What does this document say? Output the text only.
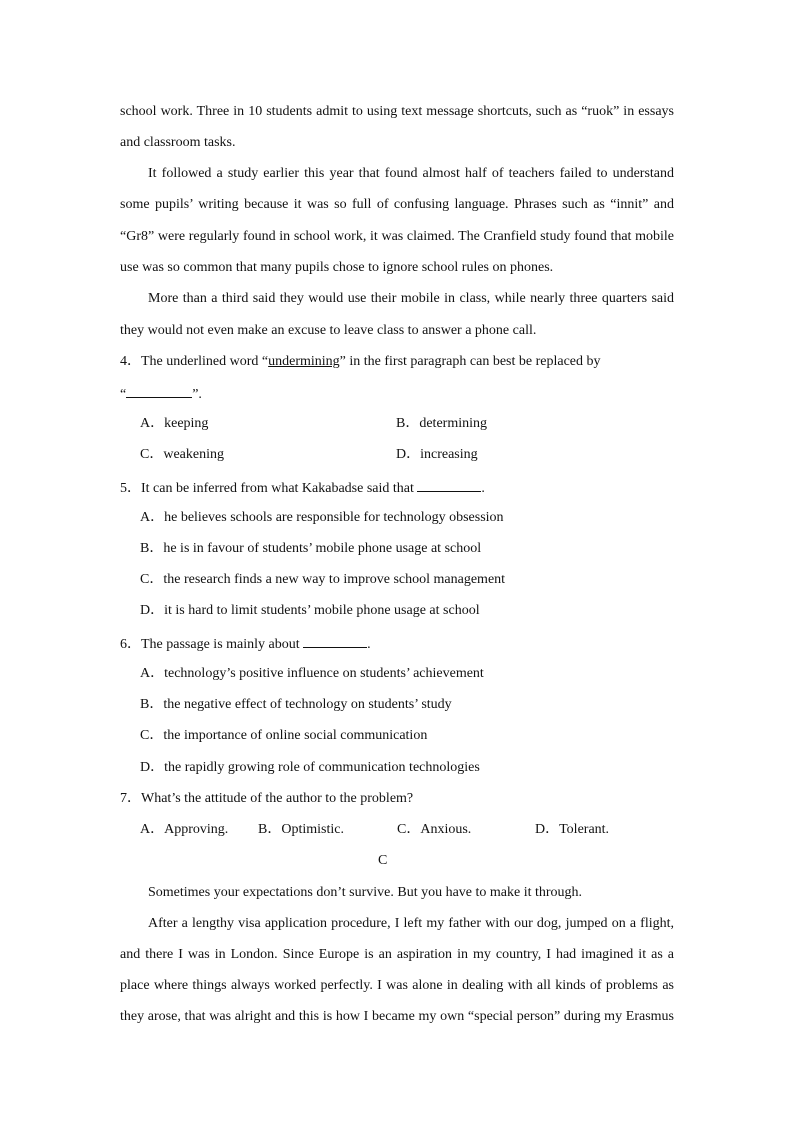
school work. Three in 10 students admit to using text message shortcuts, such as “ruok” in essays
and classroom tasks.
It followed a study earlier this year that found almost half of teachers failed to understand
some pupils’ writing because it was so full of confusing language. Phrases such as “innit” and
“Gr8” were regularly found in school work, it was claimed. The Cranfield study found that mobile
use was so common that many pupils chose to ignore school rules on phones.
More than a third said they would use their mobile in class, while nearly three quarters said
they would not even make an excuse to leave class to answer a phone call.
4．The underlined word “undermining” in the first paragraph can best be replaced by
“	”.
A．keeping	B．determining
C．weakening	D．increasing
5．It can be inferred from what Kakabadse said that	.
A．he believes schools are responsible for technology obsession
B．he is in favour of students’ mobile phone usage at school
C．the research finds a new way to improve school management
D．it is hard to limit students’ mobile phone usage at school
6．The passage is mainly about	.
A．technology’s positive influence on students’ achievement
B．the negative effect of technology on students’ study
C．the importance of online social communication
D．the rapidly growing role of communication technologies
7．What’s the attitude of the author to the problem?
A．Approving. B．Optimistic.	C．Anxious.	D．Tolerant.
C
Sometimes your expectations don’t survive. But you have to make it through.
After a lengthy visa application procedure, I left my father with our dog, jumped on a flight,
and there I was in London. Since Europe is an aspiration in my country, I had imagined it as a
place where things always worked perfectly. I was alone in dealing with all kinds of problems as
they arose, that was alright and this is how I became my own “special person” during my Erasmus
